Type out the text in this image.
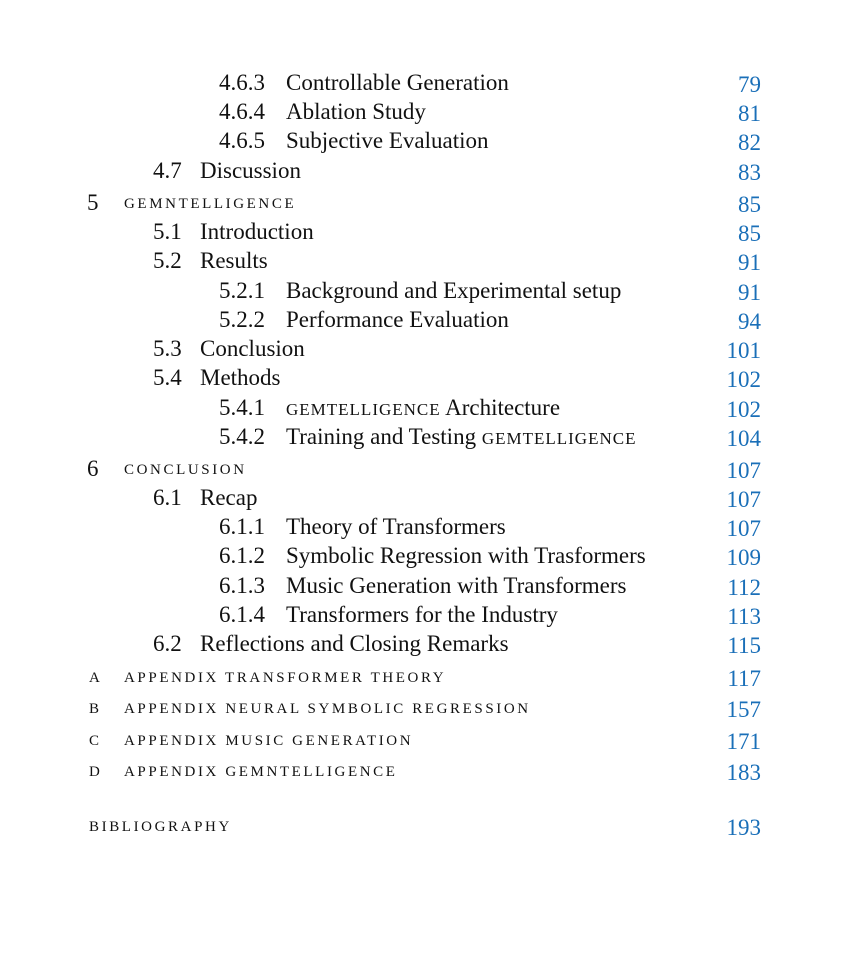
4.6.3 Controllable Generation	79
4.6.4 Ablation Study	81
4.6.5 Subjective Evaluation	82
4.7 Discussion	83
5 GEMNTELLIGENCE	85
5.1 Introduction	85
5.2 Results	91
5.2.1 Background and Experimental setup	91
5.2.2 Performance Evaluation	94
5.3 Conclusion	101
5.4 Methods	102
5.4.1 GEMTELLIGENCE Architecture	102
5.4.2 Training and Testing GEMTELLIGENCE	104
6 CONCLUSION	107
6.1 Recap	107
6.1.1 Theory of Transformers	107
6.1.2 Symbolic Regression with Trasformers	109
6.1.3 Music Generation with Transformers	112
6.1.4 Transformers for the Industry	113
6.2 Reflections and Closing Remarks	115
A APPENDIX TRANSFORMER THEORY	117
B APPENDIX NEURAL SYMBOLIC REGRESSION	157
C APPENDIX MUSIC GENERATION	171
D APPENDIX GEMNTELLIGENCE	183
BIBLIOGRAPHY	193
